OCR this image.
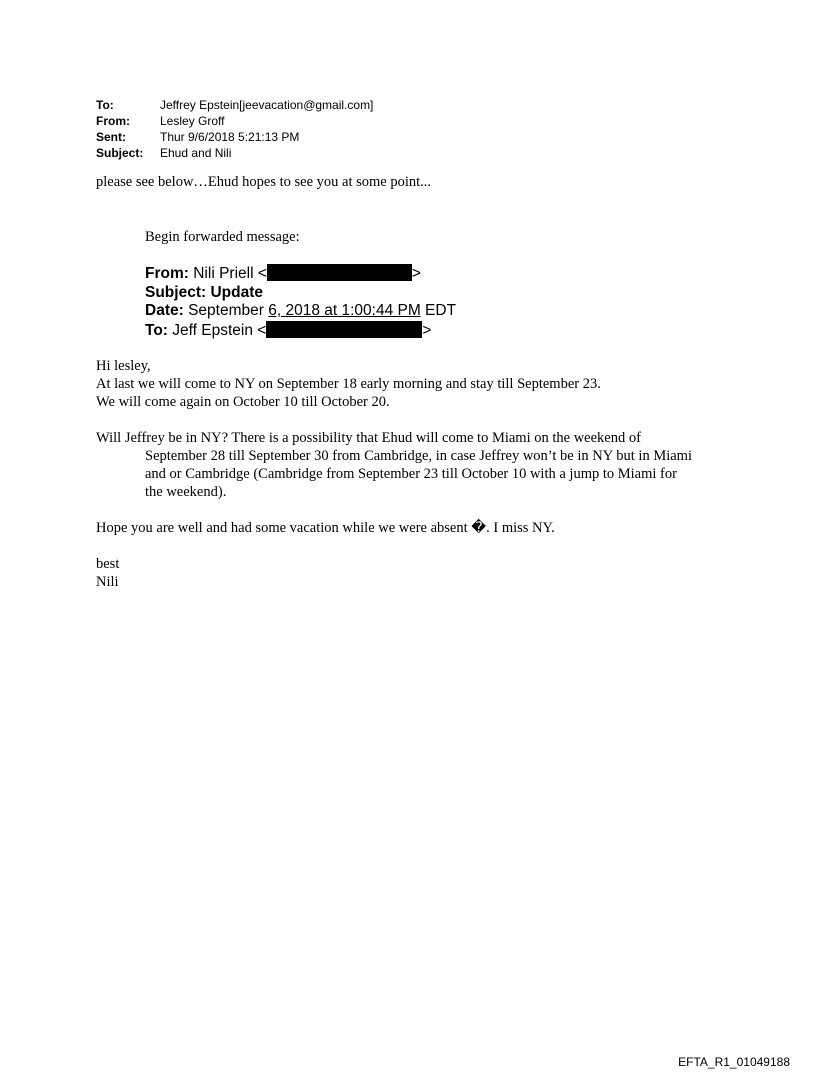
To:	Jeffrey Epstein[jeevacation@gmail.com]
From:	Lesley Groff
Sent:	Thur 9/6/2018 5:21:13 PM
Subject:	Ehud and Nili
please see below…Ehud hopes to see you at some point...
Begin forwarded message:
From: Nili Priell <	>
Subject: Update
Date: September 6, 2018 at 1:00:44 PM EDT
To: Jeff Epstein <	>
Hi lesley,
At last we will come to NY on September 18 early morning and stay till September 23.
We will come again on October 10 till October 20.
Will Jeffrey be in NY? There is a possibility that Ehud will come to Miami on the weekend of September 28 till September 30 from Cambridge, in case Jeffrey won’t be in NY but in Miami and or Cambridge (Cambridge from September 23 till October 10 with a jump to Miami for the weekend).
Hope you are well and had some vacation while we were absent �. I miss NY.
best
Nili
EFTA_R1_01049188
